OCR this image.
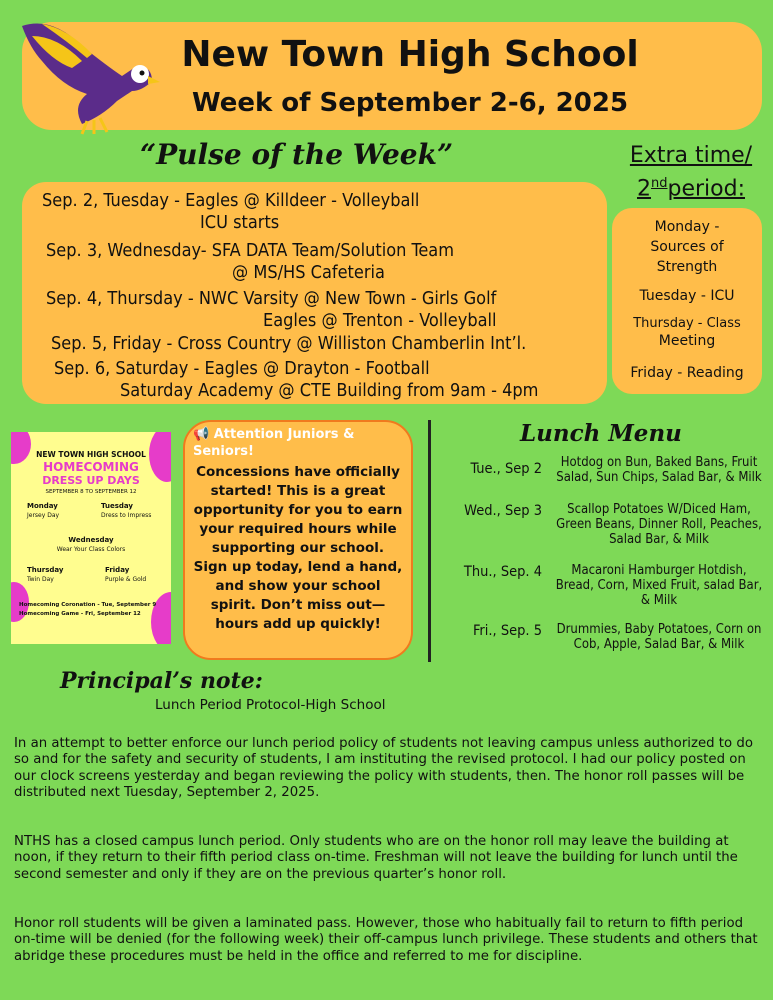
New Town High School
Week of September 2-6, 2025
“Pulse of the Week”
Sep. 2, Tuesday - Eagles @ Killdeer - Volleyball
ICU starts
Sep. 3, Wednesday- SFA DATA Team/Solution Team
@ MS/HS Cafeteria
Sep. 4, Thursday - NWC Varsity @ New Town - Girls Golf
Eagles @ Trenton - Volleyball
Sep. 5, Friday - Cross Country @ Williston Chamberlin Int’l.
Sep. 6, Saturday - Eagles @ Drayton - Football
Saturday Academy @ CTE Building from 9am - 4pm
Extra time/
2ndperiod:
Monday -
Sources of
Strength
Tuesday - ICU
Thursday - Class
Meeting
Friday - Reading
NEW TOWN HIGH SCHOOL
HOMECOMING
DRESS UP DAYS
SEPTEMBER 8 TO SEPTEMBER 12
Monday
Jersey Day
Tuesday
Dress to Impress
Wednesday
Wear Your Class Colors
Thursday
Twin Day
Friday
Purple & Gold
Homecoming Coronation - Tue, September 9
Homecoming Game - Fri, September 12
📢 Attention Juniors & Seniors!
Concessions have officially started! This is a great opportunity for you to earn your required hours while supporting our school. Sign up today, lend a hand, and show your school spirit. Don’t miss out—hours add up quickly!
Lunch Menu
Tue., Sep 2	Hotdog on Bun, Baked Bans, Fruit Salad, Sun Chips, Salad Bar, & Milk
Wed., Sep 3	Scallop Potatoes W/Diced Ham, Green Beans, Dinner Roll, Peaches, Salad Bar, & Milk
Thu., Sep. 4	Macaroni Hamburger Hotdish, Bread, Corn, Mixed Fruit, salad Bar, & Milk
Fri., Sep. 5 Drummies, Baby Potatoes, Corn on Cob, Apple, Salad Bar, & Milk
Principal’s note:
Lunch Period Protocol-High School
In an attempt to better enforce our lunch period policy of students not leaving campus unless authorized to do so and for the safety and security of students, I am instituting the revised protocol. I had our policy posted on our clock screens yesterday and began reviewing the policy with students, then. The honor roll passes will be distributed next Tuesday, September 2, 2025.
NTHS has a closed campus lunch period. Only students who are on the honor roll may leave the building at noon, if they return to their fifth period class on-time. Freshman will not leave the building for lunch until the second semester and only if they are on the previous quarter’s honor roll.
Honor roll students will be given a laminated pass. However, those who habitually fail to return to fifth period on-time will be denied (for the following week) their off-campus lunch privilege. These students and others that abridge these procedures must be held in the office and referred to me for discipline.
